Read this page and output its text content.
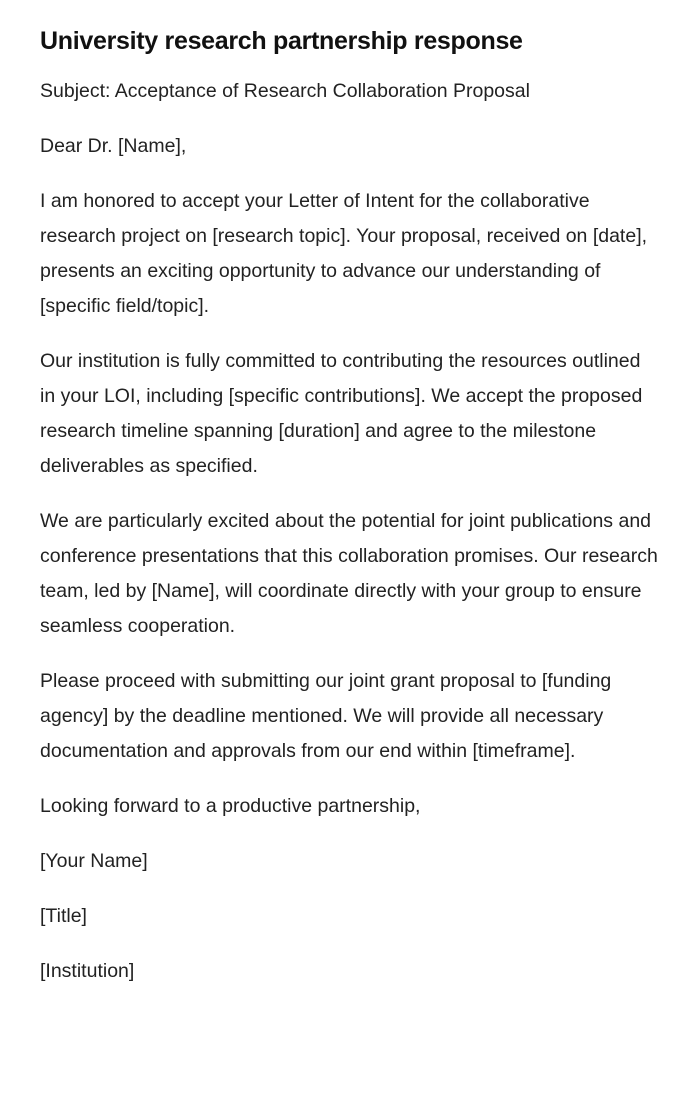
University research partnership response

Subject: Acceptance of Research Collaboration Proposal

Dear Dr. [Name],

I am honored to accept your Letter of Intent for the collaborative research project on [research topic]. Your proposal, received on [date], presents an exciting opportunity to advance our understanding of [specific field/topic].

Our institution is fully committed to contributing the resources outlined in your LOI, including [specific contributions]. We accept the proposed research timeline spanning [duration] and agree to the milestone deliverables as specified.

We are particularly excited about the potential for joint publications and conference presentations that this collaboration promises. Our research team, led by [Name], will coordinate directly with your group to ensure seamless cooperation.

Please proceed with submitting our joint grant proposal to [funding agency] by the deadline mentioned. We will provide all necessary documentation and approvals from our end within [timeframe].

Looking forward to a productive partnership,

[Your Name]

[Title]

[Institution]
